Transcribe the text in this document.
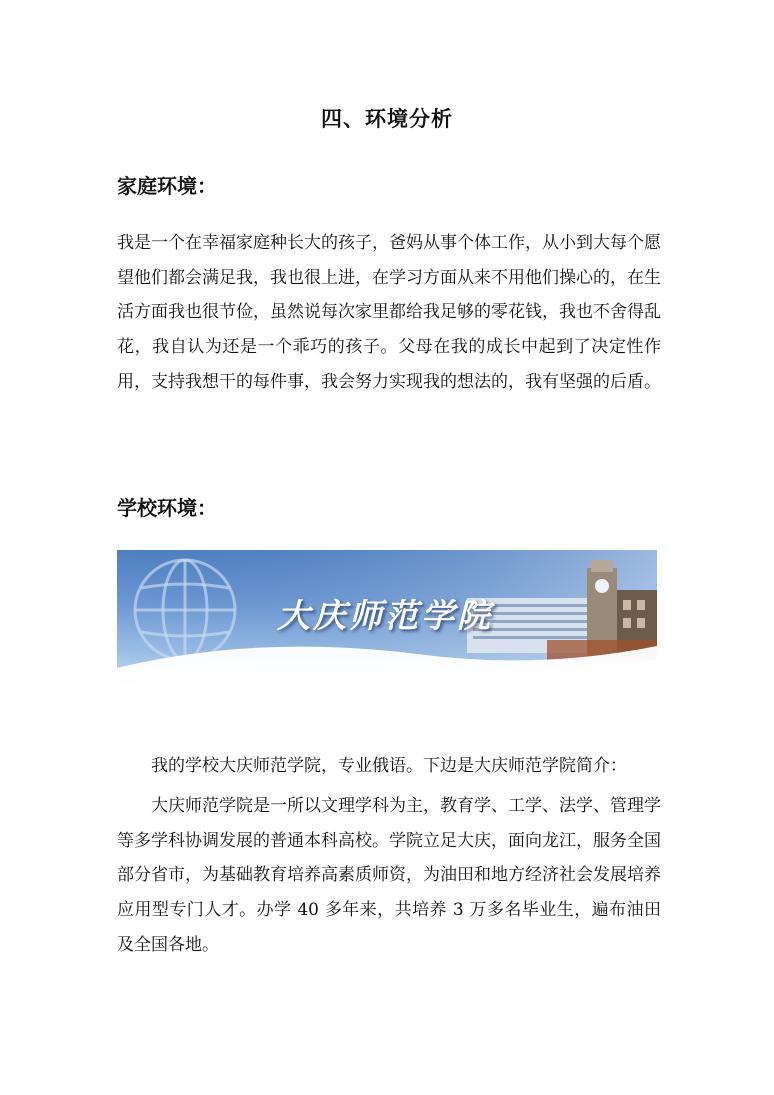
四、环境分析
家庭环境：

我是一个在幸福家庭种长大的孩子，爸妈从事个体工作，从小到大每个愿望他们都会满足我，我也很上进，在学习方面从来不用他们操心的，在生活方面我也很节俭，虽然说每次家里都给我足够的零花钱，我也不舍得乱花，我自认为还是一个乖巧的孩子。父母在我的成长中起到了决定性作用，支持我想干的每件事，我会努力实现我的想法的，我有坚强的后盾。

学校环境：
大庆师范学院

我的学校大庆师范学院，专业俄语。下边是大庆师范学院简介：

大庆师范学院是一所以文理学科为主，教育学、工学、法学、管理学等多学科协调发展的普通本科高校。学院立足大庆，面向龙江，服务全国部分省市，为基础教育培养高素质师资，为油田和地方经济社会发展培养应用型专门人才。办学 40 多年来，共培养 3 万多名毕业生，遍布油田及全国各地。
